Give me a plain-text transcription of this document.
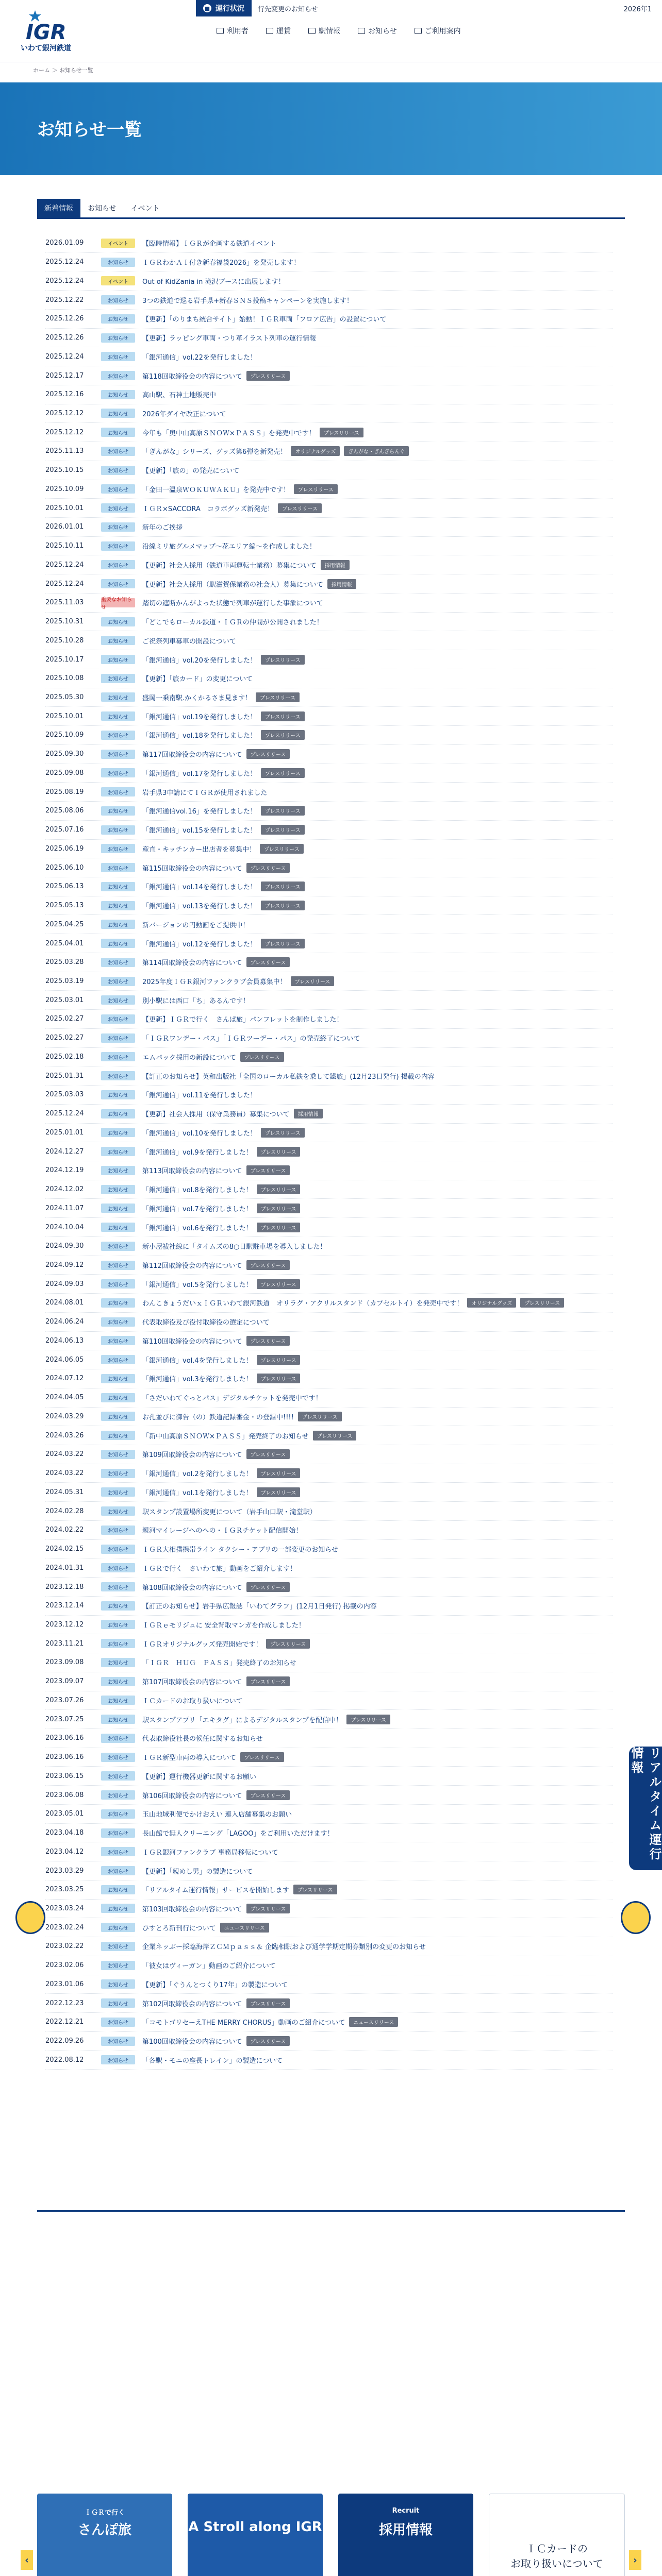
IGR
いわて銀河鉄道
■ 運行状況 行先変更のお知らせ	2026年1
利用者	運賃	駅情報	お知らせ	ご利用案内
ホーム ＞ お知らせ一覧
お知らせ一覧
新着情報	お知らせ	イベント
2026.01.09	イベント	【臨時情報】ＩＧＲが企画する鉄道イベント
2025.12.24	お知らせ	ＩＧＲわかＡＩ付き新春福袋2026」を発売します！
2025.12.24	イベント	Out of KidZania in 滝沢ブースに出展します！
2025.12.22	お知らせ	3つの鉄道で巡る岩手県+新春ＳＮＳ投稿キャンペーンを実施します！
2025.12.26	お知らせ	【更新】「のりまち統合サイト」始動！ＩＧＲ車両「フロア広告」の設置について
2025.12.26	お知らせ	【更新】ラッピング車両・つり革イラスト列車の運行情報
2025.12.24	お知らせ	「銀河通信」vol.22を発行しました！
2025.12.17	お知らせ	第118回取締役会の内容について	プレスリリース
2025.12.16	お知らせ	高山駅、石神土地販売中
2025.12.12	お知らせ	2026年ダイヤ改正について
2025.12.12	お知らせ	今年も「奥中山高原ＳＮＯＷ×ＰＡＳＳ」を発売中です！	プレスリリース
2025.11.13	お知らせ	「ぎんがな」シリーズ、グッズ第6弾を新発売！	オリジナルグッズ	ぎんがな・ぎんぎらんぐ
2025.10.15	お知らせ	【更新】「旅の」の発売について
2025.10.09	お知らせ	「金田一温泉ＷＯＫＵＷＡＫＵ」を発売中です！	プレスリリース
2025.10.01	お知らせ	ＩＧＲ×SACCORA　コラボグッズ新発売！	プレスリリース
2026.01.01	お知らせ	新年のご挨拶
2025.10.11	お知らせ	沿線ミリ旅グルメマップ〜花エリア編〜を作成しました！
2025.12.24	お知らせ	【更新】社会人採用（鉄道車両運転士業務）募集について	採用情報
2025.12.24	お知らせ	【更新】社会人採用（駅滋賀保業務の社会人）募集について	採用情報
2025.11.03	重要なお知らせ	踏切の遮断かんがよった状態で列車が運行した事象について
2025.10.31	お知らせ	「どこでもローカル鉄道・ＩＧＲの仲間が公開されました！
2025.10.28	お知らせ	ご祝祭列車募車の開設について
2025.10.17	お知らせ	「銀河通信」vol.20を発行しました！	プレスリリース
2025.10.08	お知らせ	【更新】「旅カード」の変更について
2025.05.30	お知らせ	盛岡一乗南駅.かくかるさま見ます！	プレスリリース
2025.10.01	お知らせ	「銀河通信」vol.19を発行しました！	プレスリリース
2025.10.09	お知らせ	「銀河通信」vol.18を発行しました！	プレスリリース
2025.09.30	お知らせ	第117回取締役会の内容について	プレスリリース
2025.09.08	お知らせ	「銀河通信」vol.17を発行しました！	プレスリリース
2025.08.19	お知らせ	岩手県3申請にてＩＧＲが使用されました
2025.08.06	お知らせ	「銀河通信vol.16」を発行しました！	プレスリリース
2025.07.16	お知らせ	「銀河通信」vol.15を発行しました！	プレスリリース
2025.06.19	お知らせ	産直・キッチンカー出店者を募集中！	プレスリリース
2025.06.10	お知らせ	第115回取締役会の内容について	プレスリリース
2025.06.13	お知らせ	「銀河通信」vol.14を発行しました！	プレスリリース
2025.05.13	お知らせ	「銀河通信」vol.13を発行しました！	プレスリリース
2025.04.25	お知らせ	新バージョンの円動画をご提供中！
2025.04.01	お知らせ	「銀河通信」vol.12を発行しました！	プレスリリース
2025.03.28	お知らせ	第114回取締役会の内容について	プレスリリース
2025.03.19	お知らせ	2025年度ＩＧＲ銀河ファンクラブ会員募集中！	プレスリリース
2025.03.01	お知らせ	別小駅には西口「ち」あるんです！
2025.02.27	お知らせ	【更新】ＩＧＲで行く　さんぱ旅」パンフレットを制作しました！
2025.02.27	お知らせ	「ＩＧＲワンデー・パス」「ＩＧＲツーデー・パス」の発売終了について
2025.02.18	お知らせ	エムパック採用の新設について	プレスリリース
2025.01.31	お知らせ	【訂正のお知らせ】英和出版社「全国のローカル私鉄を乗して鐵旅」(12月23日発行) 掲載の内容
2025.03.03	お知らせ	「銀河通信」vol.11を発行しました！
2025.12.24	お知らせ	【更新】社会人採用（保守業務員）募集について	採用情報
2025.01.01	お知らせ	「銀河通信」vol.10を発行しました！	プレスリリース
2024.12.27	お知らせ	「銀河通信」vol.9を発行しました！	プレスリリース
2024.12.19	お知らせ	第113回取締役会の内容について	プレスリリース
2024.12.02	お知らせ	「銀河通信」vol.8を発行しました！	プレスリリース
2024.11.07	お知らせ	「銀河通信」vol.7を発行しました！	プレスリリース
2024.10.04	お知らせ	「銀河通信」vol.6を発行しました！	プレスリリース
2024.09.30	お知らせ	新小屋祓社線に「タイムズの8○日駅駐車場を導入しました！
2024.09.12	お知らせ	第112回取締役会の内容について	プレスリリース
2024.09.03	お知らせ	「銀河通信」vol.5を発行しました！	プレスリリース
2024.08.01	お知らせ	わんこきょうだいｘＩＧＲいわて銀河鉄道　オリラグ・アクリルスタンド（カプセルトイ）を発売中です！	オリジナルグッズ	プレスリリース
2024.06.24	お知らせ	代表取締役及び役付取締役の選定について
2024.06.13	お知らせ	第110回取締役会の内容について	プレスリリース
2024.06.05	お知らせ	「銀河通信」vol.4を発行しました！	プレスリリース
2024.07.12	お知らせ	「銀河通信」vol.3を発行しました！	プレスリリース
2024.04.05	お知らせ	「さだいわてぐっとパス」デジタルチケットを発売中です！
2024.03.29	お知らせ	お孔並びに御告（の）鉄道記録番金・の登録中!!!!	プレスリリース
2024.03.26	お知らせ	「新中山高原ＳＮＯＷ×ＰＡＳＳ」発売終了のお知らせ	プレスリリース
2024.03.22	お知らせ	第109回取締役会の内容について	プレスリリース
2024.03.22	お知らせ	「銀河通信」vol.2を発行しました！	プレスリリース
2024.05.31	お知らせ	「銀河通信」vol.1を発行しました！	プレスリリース
2024.02.28	お知らせ	駅スタンプ設置場所変更について（岩手山口駅・滝堂駅）
2024.02.22	お知らせ	親河マイレージへのへの・ＩＧＲチケット配信開始！
2024.02.15	お知らせ	ＩＧＲ大相撲携帯ライン タクシー・アブリの一部変更のお知らせ
2024.01.31	お知らせ	ＩＧＲで行く　さいわて旅」動画をご紹介します！
2023.12.18	お知らせ	第108回取締役会の内容について	プレスリリース
2023.12.14	お知らせ	【訂正のお知らせ】岩手県広報誌「いわてグラフ」(12月1日発行) 掲載の内容
2023.12.12	お知らせ	ＩＧＲｅモリジュに 安全背取マンガを作成しました！
2023.11.21	お知らせ	ＩＧＲオリジナルグッズ発売開始です！	プレスリリース
2023.09.08	お知らせ	「ＩＧＲ　ＨＵＧ　ＰＡＳＳ」発売終了のお知らせ
2023.09.07	お知らせ	第107回取締役会の内容について	プレスリリース
2023.07.26	お知らせ	ＩＣカードのお取り扱いについて
2023.07.25	お知らせ	駅スタンプアプリ「エキタグ」によるデジタルスタンプを配信中！	プレスリリース
2023.06.16	お知らせ	代表取締役社長の候任に関するお知らせ
2023.06.16	お知らせ	ＩＧＲ新型車両の導入について	プレスリリース
2023.06.15	お知らせ	【更新】運行機器更新に関するお願い
2023.06.08	お知らせ	第106回取締役会の内容について	プレスリリース
2023.05.01	お知らせ	玉山地域利便でかけおえい 連入店舗募集のお願い
2023.04.18	お知らせ	長山館で無人クリーニング「LAGOO」をご利用いただけます！
2023.04.12	お知らせ	ＩＧＲ銀河ファンクラブ 事務局移転について
2023.03.29	お知らせ	【更新】「親めし男」の製造について
2023.03.25	お知らせ	「リアルタイム運行情報」サービスを開始します	プレスリリース
2023.03.24	お知らせ	第103回取締役会の内容について	プレスリリース
2023.02.24	お知らせ	ひすとろ新刊行について	ニュースリリース
2023.02.22	お知らせ	企業ネッぶー採臨海岸ＺＣＭｐａｓｓ＆ 企臨相駅および通学学期定期券類別の変更のお知らせ
2023.02.06	お知らせ	「彼女はヴィーガン」動画のご紹介について
2023.01.06	お知らせ	【更新】「ぐうんとつくり17年」の製造について
2022.12.23	お知らせ	第102回取締役会の内容について	プレスリリース
2022.12.21	お知らせ	「コモトゴリセーえTHE MERRY CHORUS」動画のご紹介について	ニュースリリース
2022.09.26	お知らせ	第100回取締役会の内容について	プレスリリース
2022.08.12	お知らせ	「各駅・モニの座長トレイン」の製造について
リアルタイム運行情報
‹
ＩＧＲで行く
さんぽ旅	A Stroll along IGR
Recruit
採用情報
ＩＣカードの
お取り扱いについて	›
